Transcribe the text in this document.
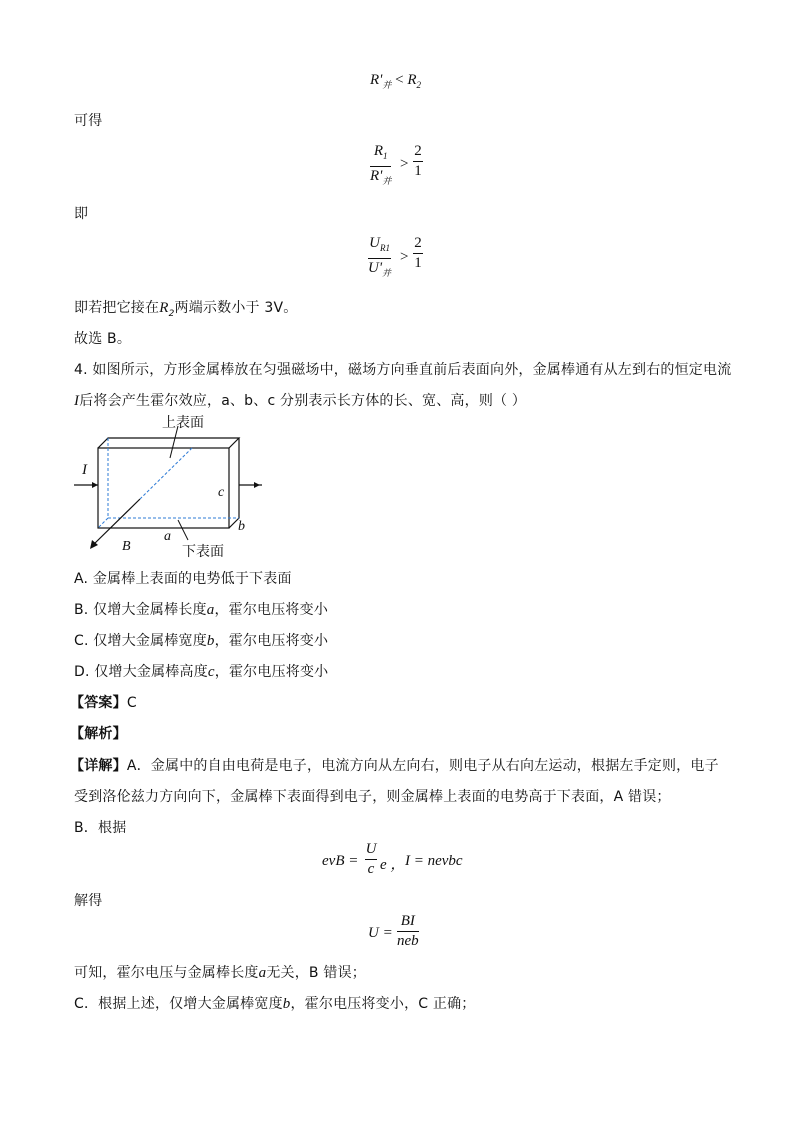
$R'_并 < R_2$
可得
$R_1$
$R'_并$
>
2
1
即
$U_{R1}$
$U'_并$
>
2
1
即若把它接在$R_2$两端示数小于 3V。
故选 B。
4. 如图所示，方形金属棒放在匀强磁场中，磁场方向垂直前后表面向外，金属棒通有从左到右的恒定电流
I后将会产生霍尔效应，a、b、c 分别表示长方体的长、宽、高，则（ ）
上表面
下表面
I
B
a
b
c
A. 金属棒上表面的电势低于下表面
B. 仅增大金属棒长度a，霍尔电压将变小
C. 仅增大金属棒宽度b，霍尔电压将变小
D. 仅增大金属棒高度c，霍尔电压将变小
【答案】C
【解析】
【详解】A．金属中的自由电荷是电子，电流方向从左向右，则电子从右向左运动，根据左手定则，电子
受到洛伦兹力方向向下，金属棒下表面得到电子，则金属棒上表面的电势高于下表面，A 错误；
B．根据
evB =
U
c e ， I = nevbc
解得
U =
BI
neb
可知，霍尔电压与金属棒长度a无关，B 错误；
C．根据上述，仅增大金属棒宽度b，霍尔电压将变小，C 正确；
